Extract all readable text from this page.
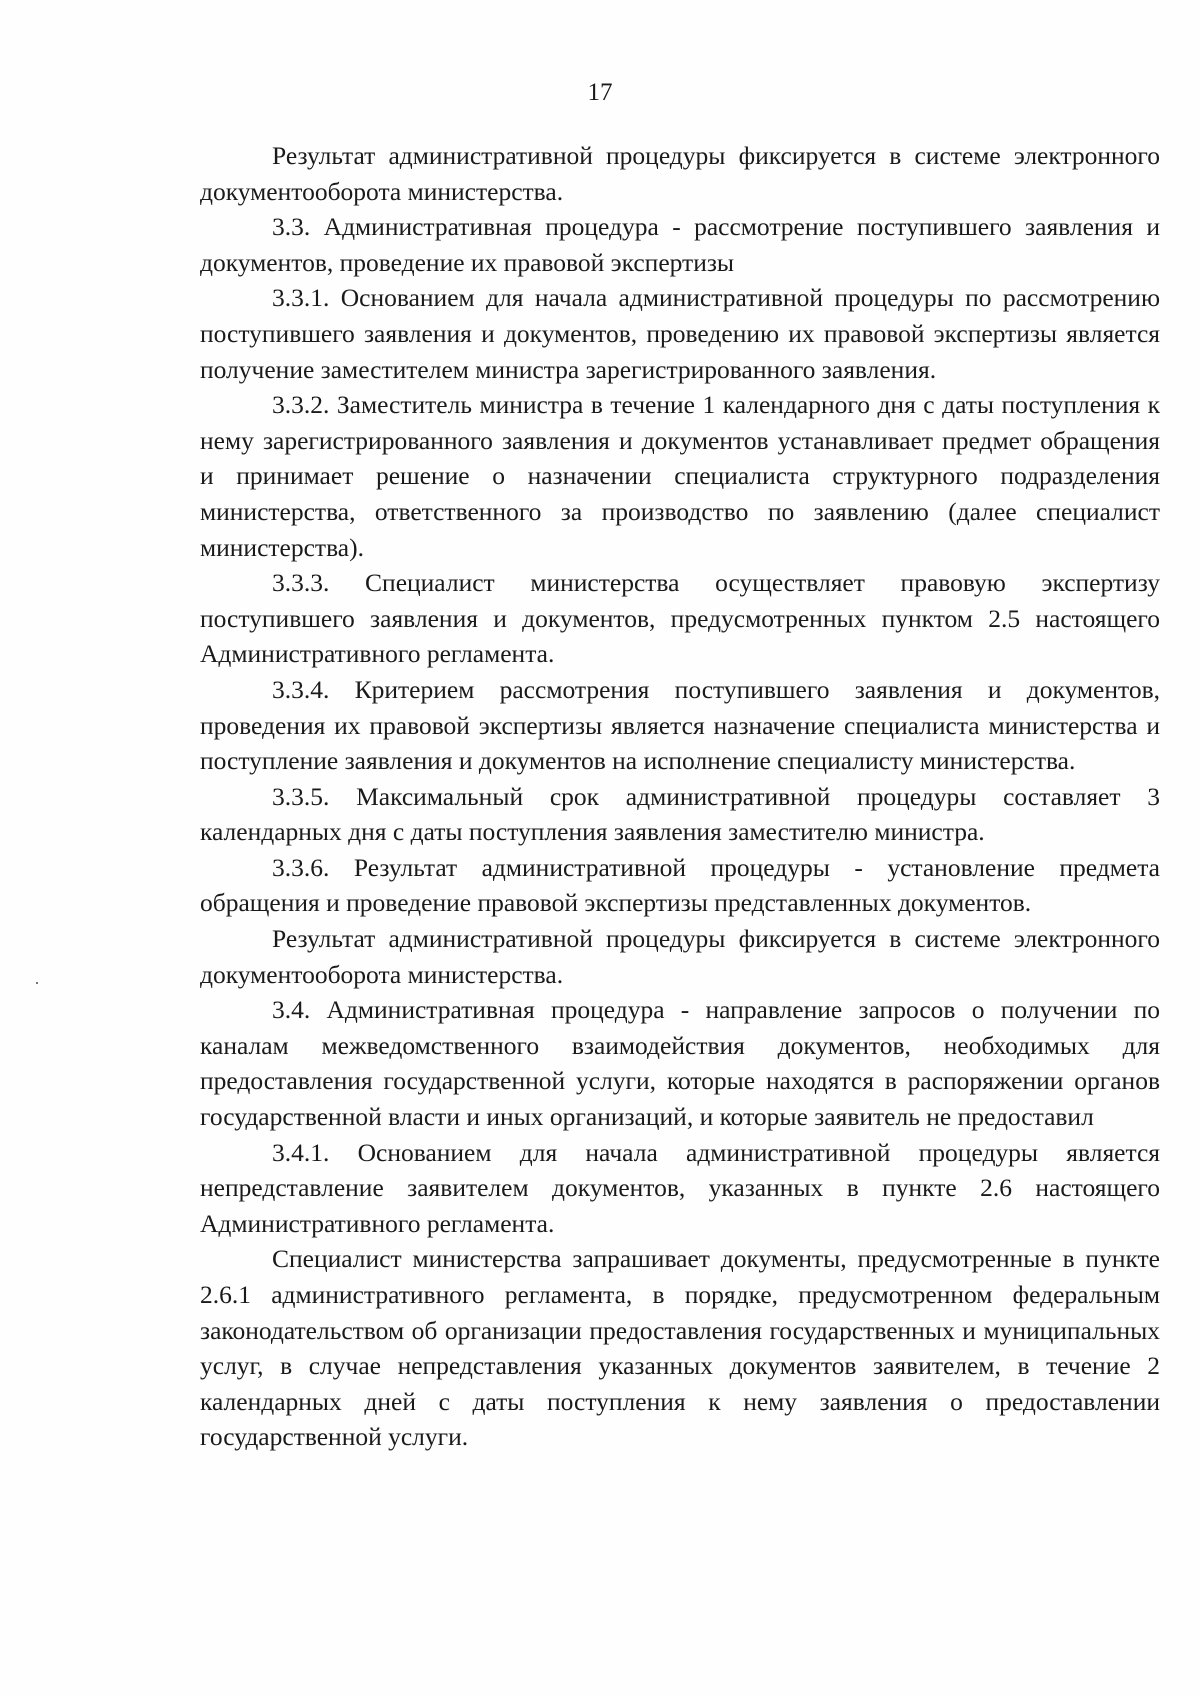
17

Результат административной процедуры фиксируется в системе электронного документооборота министерства.

3.3. Административная процедура - рассмотрение поступившего заявления и документов, проведение их правовой экспертизы

3.3.1. Основанием для начала административной процедуры по рассмотрению поступившего заявления и документов, проведению их правовой экспертизы является получение заместителем министра зарегистрированного заявления.

3.3.2. Заместитель министра в течение 1 календарного дня с даты поступления к нему зарегистрированного заявления и документов устанавливает предмет обращения и принимает решение о назначении специалиста структурного подразделения министерства, ответственного за производство по заявлению (далее специалист министерства).

3.3.3. Специалист министерства осуществляет правовую экспертизу поступившего заявления и документов, предусмотренных пунктом 2.5 настоящего Административного регламента.

3.3.4. Критерием рассмотрения поступившего заявления и документов, проведения их правовой экспертизы является назначение специалиста министерства и поступление заявления и документов на исполнение специалисту министерства.

3.3.5. Максимальный срок административной процедуры составляет 3 календарных дня с даты поступления заявления заместителю министра.

3.3.6. Результат административной процедуры - установление предмета обращения и проведение правовой экспертизы представленных документов.

Результат административной процедуры фиксируется в системе электронного документооборота министерства.

3.4. Административная процедура - направление запросов о получении по каналам межведомственного взаимодействия документов, необходимых для предоставления государственной услуги, которые находятся в распоряжении органов государственной власти и иных организаций, и которые заявитель не предоставил

3.4.1. Основанием для начала административной процедуры является непредставление заявителем документов, указанных в пункте 2.6 настоящего Административного регламента.

Специалист министерства запрашивает документы, предусмотренные в пункте 2.6.1 административного регламента, в порядке, предусмотренном федеральным законодательством об организации предоставления государственных и муниципальных услуг, в случае непредставления указанных документов заявителем, в течение 2 календарных дней с даты поступления к нему заявления о предоставлении государственной услуги.
